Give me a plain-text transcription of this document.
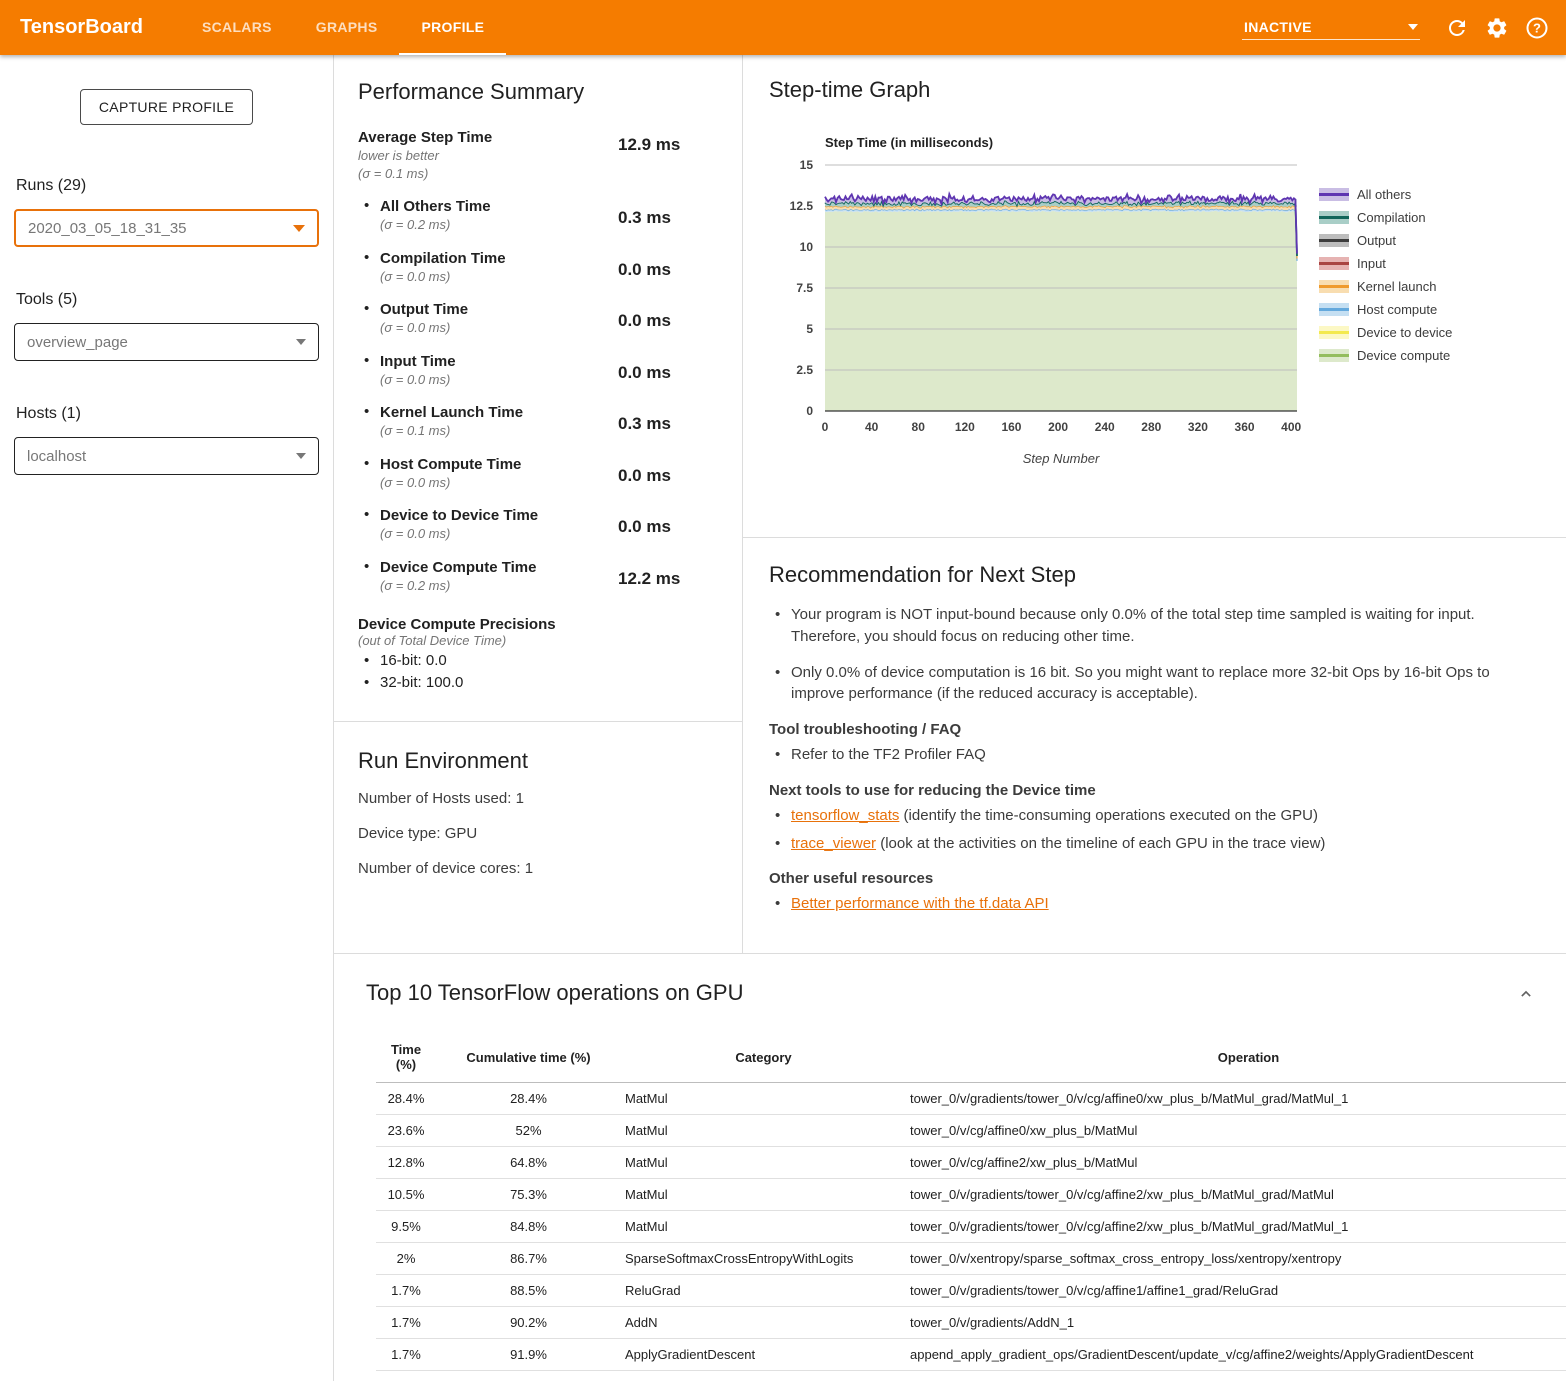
TensorBoard	SCALARS	GRAPHS	PROFILE	INACTIVE	?
CAPTURE PROFILE
Runs (29)
2020_03_05_18_31_35
Tools (5)
overview_page
Hosts (1)
localhost
Performance Summary
Average Step Time
lower is better
(σ = 0.1 ms)
12.9 ms
• All Others Time
(σ = 0.2 ms)	0.3 ms
• Compilation Time
(σ = 0.0 ms)	0.0 ms
• Output Time
(σ = 0.0 ms)	0.0 ms
• Input Time
(σ = 0.0 ms)	0.0 ms
• Kernel Launch Time
(σ = 0.1 ms)	0.3 ms
• Host Compute Time
(σ = 0.0 ms)	0.0 ms
• Device to Device Time
(σ = 0.0 ms)	0.0 ms
• Device Compute Time
(σ = 0.2 ms)	12.2 ms
Device Compute Precisions
(out of Total Device Time)
• 16-bit: 0.0
• 32-bit: 100.0
Run Environment

Number of Hosts used: 1

Device type: GPU

Number of device cores: 1

Step-time Graph
0
2.5
5
7.5
10
12.5
15
0	40	80 120 160 200 240 280 320 360 400
Step Time (in milliseconds)
Step Number
All others
Compilation
Output
Input
Kernel launch
Host compute
Device to device
Device compute
Recommendation for Next Step
• Your program is NOT input-bound because only 0.0% of the total step time sampled is waiting for input. Therefore, you should focus on reducing other time.
• Only 0.0% of device computation is 16 bit. So you might want to replace more 32-bit Ops by 16-bit Ops to improve performance (if the reduced accuracy is acceptable).
Tool troubleshooting / FAQ
• Refer to the TF2 Profiler FAQ
Next tools to use for reducing the Device time
• tensorflow_stats (identify the time-consuming operations executed on the GPU)
• trace_viewer (look at the activities on the timeline of each GPU in the trace view)
Other useful resources
• Better performance with the tf.data API
Top 10 TensorFlow operations on GPU
Time (%)	Cumulative time (%)	Category	Operation
28.4%	28.4%	MatMul	tower_0/v/gradients/tower_0/v/cg/affine0/xw_plus_b/MatMul_grad/MatMul_1
23.6%	52%	MatMul	tower_0/v/cg/affine0/xw_plus_b/MatMul
12.8%	64.8%	MatMul	tower_0/v/cg/affine2/xw_plus_b/MatMul
10.5%	75.3%	MatMul	tower_0/v/gradients/tower_0/v/cg/affine2/xw_plus_b/MatMul_grad/MatMul
9.5%	84.8%	MatMul	tower_0/v/gradients/tower_0/v/cg/affine2/xw_plus_b/MatMul_grad/MatMul_1
2%	86.7%	SparseSoftmaxCrossEntropyWithLogits	tower_0/v/xentropy/sparse_softmax_cross_entropy_loss/xentropy/xentropy
1.7%	88.5%	ReluGrad	tower_0/v/gradients/tower_0/v/cg/affine1/affine1_grad/ReluGrad
1.7%	90.2%	AddN	tower_0/v/gradients/AddN_1
1.7%	91.9%	ApplyGradientDescent	append_apply_gradient_ops/GradientDescent/update_v/cg/affine2/weights/ApplyGradientDescent
